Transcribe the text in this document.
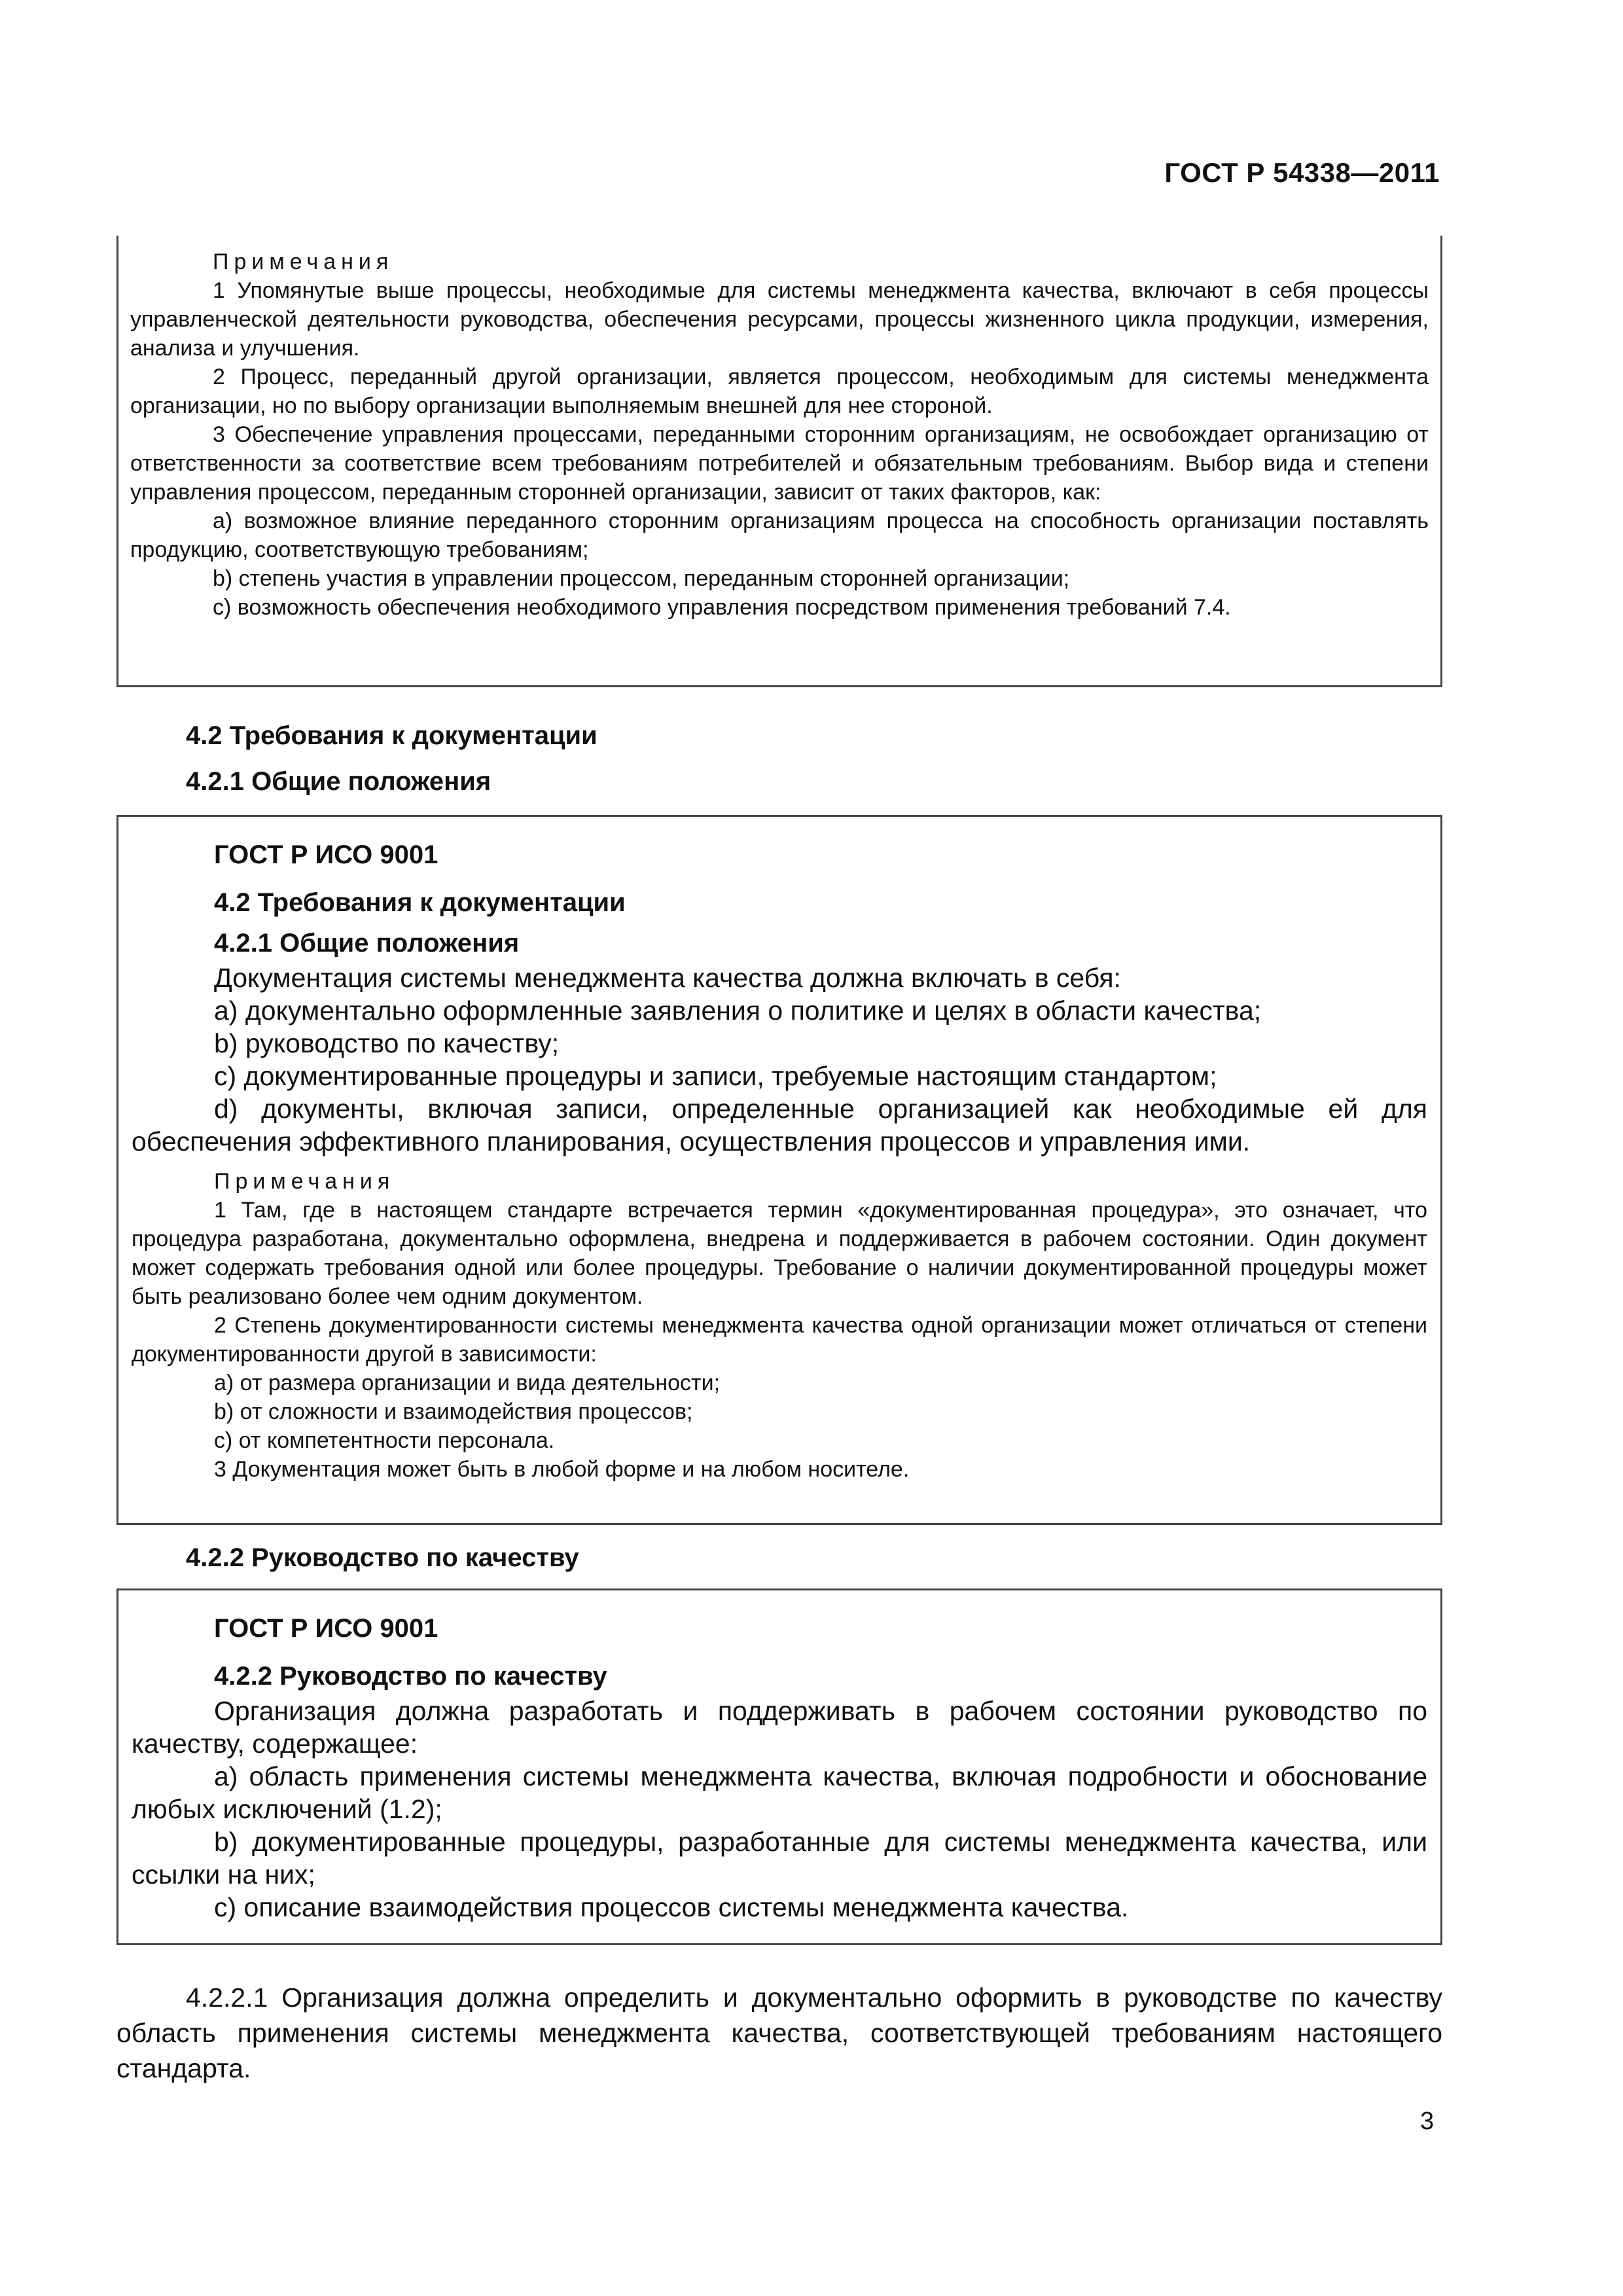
ГОСТ Р 54338—2011
Примечания

1 Упомянутые выше процессы, необходимые для системы менеджмента качества, включают в себя процессы управленческой деятельности руководства, обеспечения ресурсами, процессы жизненного цикла продукции, измерения, анализа и улучшения.

2 Процесс, переданный другой организации, является процессом, необходимым для системы менеджмента организации, но по выбору организации выполняемым внешней для нее стороной.

3 Обеспечение управления процессами, переданными сторонним организациям, не освобождает организацию от ответственности за соответствие всем требованиям потребителей и обязательным требованиям. Выбор вида и степени управления процессом, переданным сторонней организации, зависит от таких факторов, как:

a) возможное влияние переданного сторонним организациям процесса на способность организации поставлять продукцию, соответствующую требованиям;

b) степень участия в управлении процессом, переданным сторонней организации;

c) возможность обеспечения необходимого управления посредством применения требований 7.4.

4.2 Требования к документации
4.2.1 Общие положения
ГОСТ Р ИСО 9001
4.2 Требования к документации
4.2.1 Общие положения

Документация системы менеджмента качества должна включать в себя:

a) документально оформленные заявления о политике и целях в области качества;

b) руководство по качеству;

c) документированные процедуры и записи, требуемые настоящим стандартом;

d) документы, включая записи, определенные организацией как необходимые ей для обеспечения эффективного планирования, осуществления процессов и управления ими.

Примечания

1 Там, где в настоящем стандарте встречается термин «документированная процедура», это означает, что процедура разработана, документально оформлена, внедрена и поддерживается в рабочем состоянии. Один документ может содержать требования одной или более процедуры. Требование о наличии документированной процедуры может быть реализовано более чем одним документом.

2 Степень документированности системы менеджмента качества одной организации может отличаться от степени документированности другой в зависимости:

a) от размера организации и вида деятельности;

b) от сложности и взаимодействия процессов;

c) от компетентности персонала.

3 Документация может быть в любой форме и на любом носителе.

4.2.2 Руководство по качеству
ГОСТ Р ИСО 9001
4.2.2 Руководство по качеству

Организация должна разработать и поддерживать в рабочем состоянии руководство по качеству, содержащее:

a) область применения системы менеджмента качества, включая подробности и обоснование любых исключений (1.2);

b) документированные процедуры, разработанные для системы менеджмента качества, или ссылки на них;

c) описание взаимодействия процессов системы менеджмента качества.

4.2.2.1 Организация должна определить и документально оформить в руководстве по качеству область применения системы менеджмента качества, соответствующей требованиям настоящего стандарта.

3
